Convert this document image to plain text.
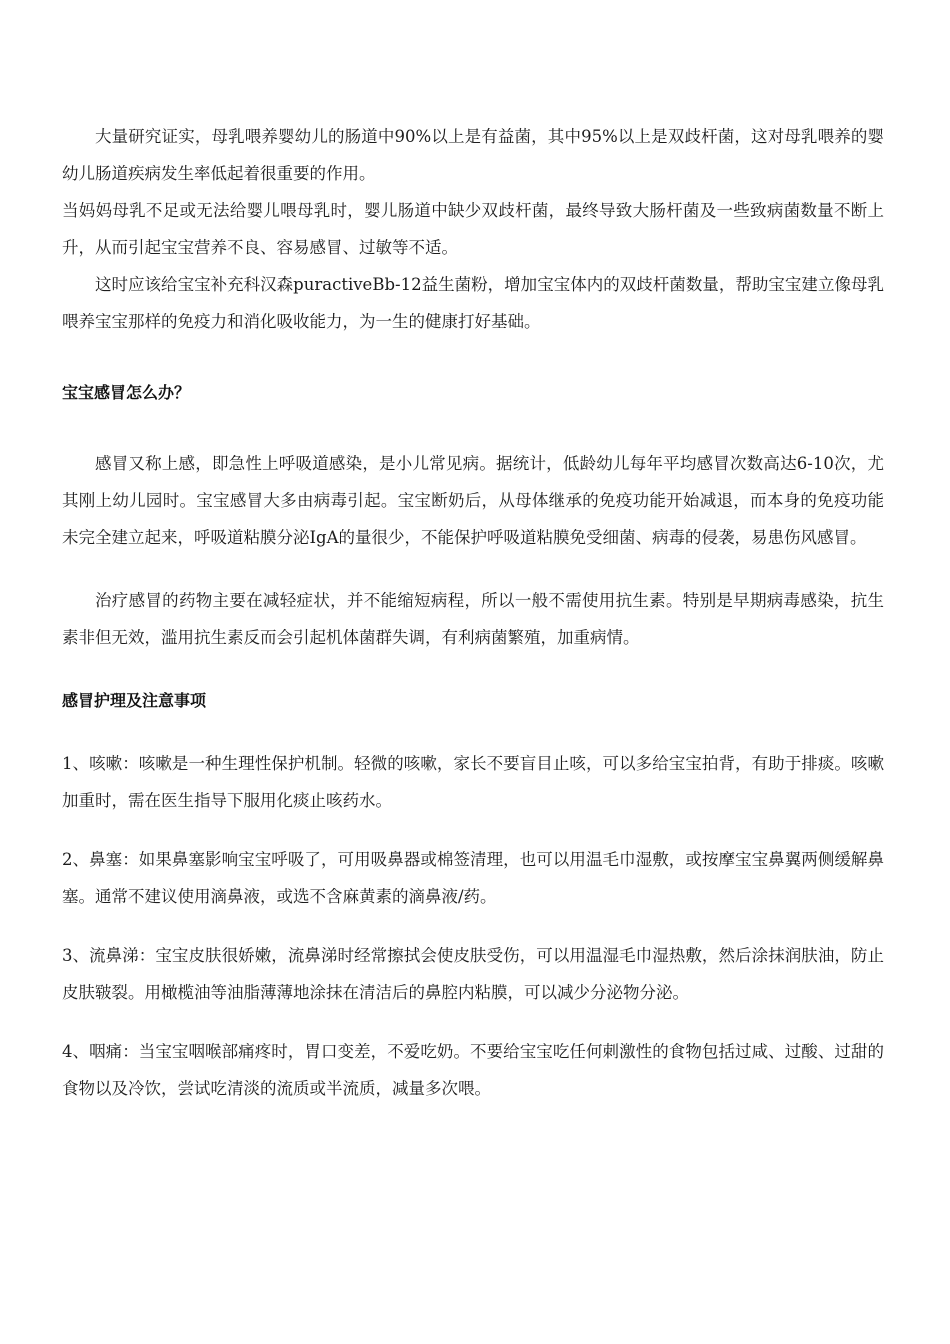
大量研究证实，母乳喂养婴幼儿的肠道中90%以上是有益菌，其中95%以上是双歧杆菌，这对母乳喂养的婴幼儿肠道疾病发生率低起着很重要的作用。

当妈妈母乳不足或无法给婴儿喂母乳时，婴儿肠道中缺少双歧杆菌，最终导致大肠杆菌及一些致病菌数量不断上升，从而引起宝宝营养不良、容易感冒、过敏等不适。

这时应该给宝宝补充科汉森puractiveBb-12益生菌粉，增加宝宝体内的双歧杆菌数量，帮助宝宝建立像母乳喂养宝宝那样的免疫力和消化吸收能力，为一生的健康打好基础。

宝宝感冒怎么办？

感冒又称上感，即急性上呼吸道感染，是小儿常见病。据统计，低龄幼儿每年平均感冒次数高达6-10次，尤其刚上幼儿园时。宝宝感冒大多由病毒引起。宝宝断奶后，从母体继承的免疫功能开始减退，而本身的免疫功能未完全建立起来，呼吸道粘膜分泌IgA的量很少，不能保护呼吸道粘膜免受细菌、病毒的侵袭，易患伤风感冒。

治疗感冒的药物主要在减轻症状，并不能缩短病程，所以一般不需使用抗生素。特别是早期病毒感染，抗生素非但无效，滥用抗生素反而会引起机体菌群失调，有利病菌繁殖，加重病情。

感冒护理及注意事项

1、咳嗽：咳嗽是一种生理性保护机制。轻微的咳嗽，家长不要盲目止咳，可以多给宝宝拍背，有助于排痰。咳嗽加重时，需在医生指导下服用化痰止咳药水。

2、鼻塞：如果鼻塞影响宝宝呼吸了，可用吸鼻器或棉签清理，也可以用温毛巾湿敷，或按摩宝宝鼻翼两侧缓解鼻塞。通常不建议使用滴鼻液，或选不含麻黄素的滴鼻液/药。

3、流鼻涕：宝宝皮肤很娇嫩，流鼻涕时经常擦拭会使皮肤受伤，可以用温湿毛巾湿热敷，然后涂抹润肤油，防止皮肤皲裂。用橄榄油等油脂薄薄地涂抹在清洁后的鼻腔内粘膜，可以减少分泌物分泌。

4、咽痛：当宝宝咽喉部痛疼时，胃口变差，不爱吃奶。不要给宝宝吃任何刺激性的食物包括过咸、过酸、过甜的食物以及冷饮，尝试吃清淡的流质或半流质，减量多次喂。
